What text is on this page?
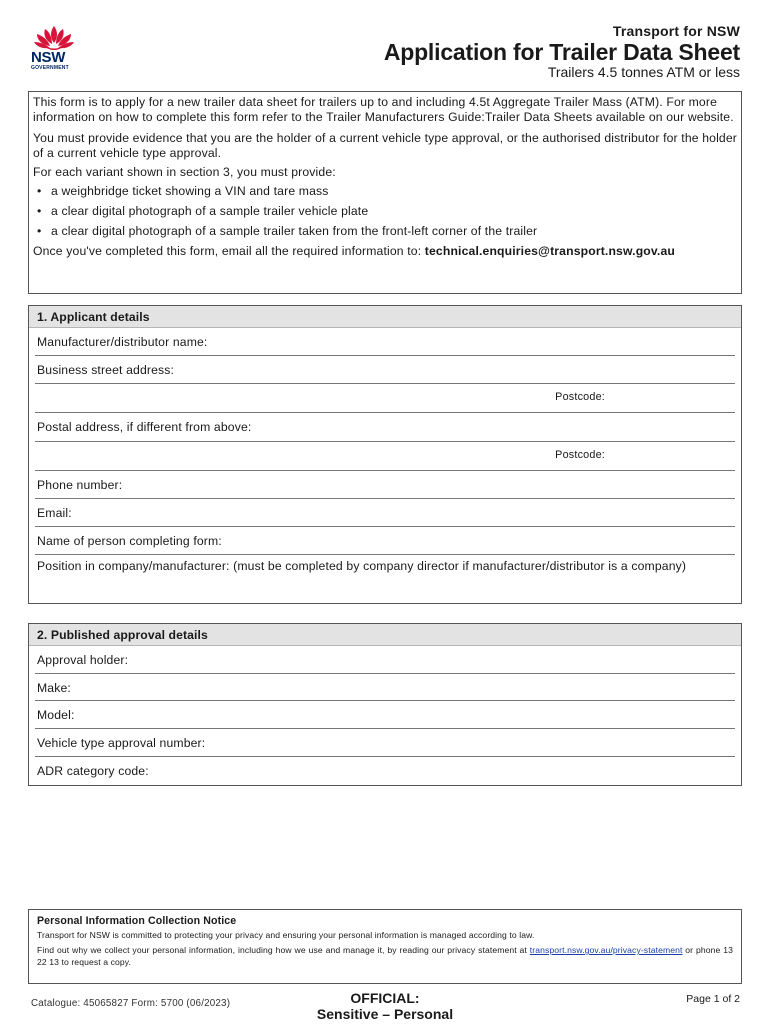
NSW
GOVERNMENT
Transport for NSW
Application for Trailer Data Sheet
Trailers 4.5 tonnes ATM or less

This form is to apply for a new trailer data sheet for trailers up to and including 4.5t Aggregate Trailer Mass (ATM). For more information on how to complete this form refer to the Trailer Manufacturers Guide:Trailer Data Sheets available on our website.

You must provide evidence that you are the holder of a current vehicle type approval, or the authorised distributor for the holder of a current vehicle type approval.

For each variant shown in section 3, you must provide:

• a weighbridge ticket showing a VIN and tare mass
• a clear digital photograph of a sample trailer vehicle plate
• a clear digital photograph of a sample trailer taken from the front-left corner of the trailer

Once you've completed this form, email all the required information to: technical.enquiries@transport.nsw.gov.au

1. Applicant details
Manufacturer/distributor name:
Business street address:
Postcode:
Postal address, if different from above:
Postcode:
Phone number:
Email:
Name of person completing form:
Position in company/manufacturer: (must be completed by company director if manufacturer/distributor is a company)
2. Published approval details
Approval holder:
Make:
Model:
Vehicle type approval number:
ADR category code:
Personal Information Collection Notice
Transport for NSW is committed to protecting your privacy and ensuring your personal information is managed according to law.
Find out why we collect your personal information, including how we use and manage it, by reading our privacy statement at transport.nsw.gov.au/privacy-statement or phone 13 22 13 to request a copy.
Catalogue: 45065827 Form: 5700 (06/2023)	OFFICIAL:
Sensitive – Personal
Page 1 of 2
